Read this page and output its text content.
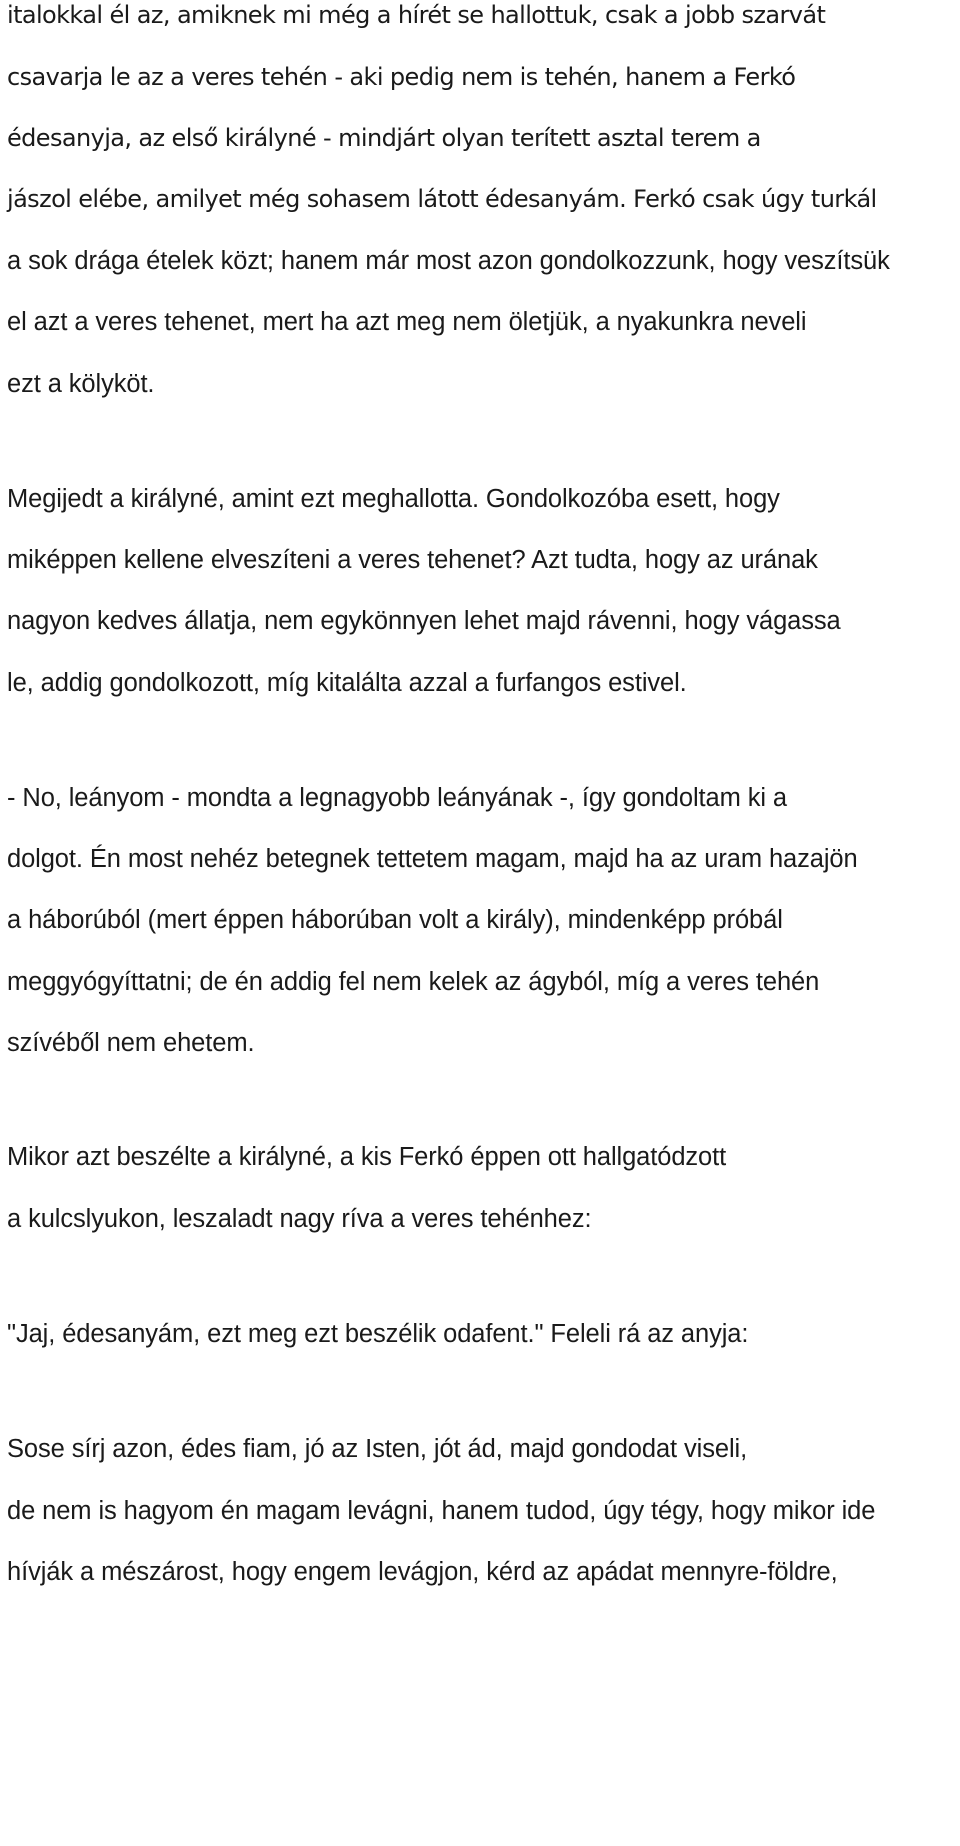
italokkal él az, amiknek mi még a hírét se hallottuk, csak a jobb szarvát
csavarja le az a veres tehén - aki pedig nem is tehén, hanem a Ferkó
édesanyja, az első királyné - mindjárt olyan terített asztal terem a
jászol elébe, amilyet még sohasem látott édesanyám. Ferkó csak úgy turkál
a sok drága ételek közt; hanem már most azon gondolkozzunk, hogy veszítsük
el azt a veres tehenet, mert ha azt meg nem öletjük, a nyakunkra neveli
ezt a kölyköt.
Megijedt a királyné, amint ezt meghallotta. Gondolkozóba esett, hogy
miképpen kellene elveszíteni a veres tehenet? Azt tudta, hogy az urának
nagyon kedves állatja, nem egykönnyen lehet majd rávenni, hogy vágassa
le, addig gondolkozott, míg kitalálta azzal a furfangos estivel.
- No, leányom - mondta a legnagyobb leányának -, így gondoltam ki a
dolgot. Én most nehéz betegnek tettetem magam, majd ha az uram hazajön
a háborúból (mert éppen háborúban volt a király), mindenképp próbál
meggyógyíttatni; de én addig fel nem kelek az ágyból, míg a veres tehén
szívéből nem ehetem.
Mikor azt beszélte a királyné, a kis Ferkó éppen ott hallgatódzott
a kulcslyukon, leszaladt nagy ríva a veres tehénhez:
"Jaj, édesanyám, ezt meg ezt beszélik odafent." Feleli rá az anyja:
Sose sírj azon, édes fiam, jó az Isten, jót ád, majd gondodat viseli,
de nem is hagyom én magam levágni, hanem tudod, úgy tégy, hogy mikor ide
hívják a mészárost, hogy engem levágjon, kérd az apádat mennyre-földre,
